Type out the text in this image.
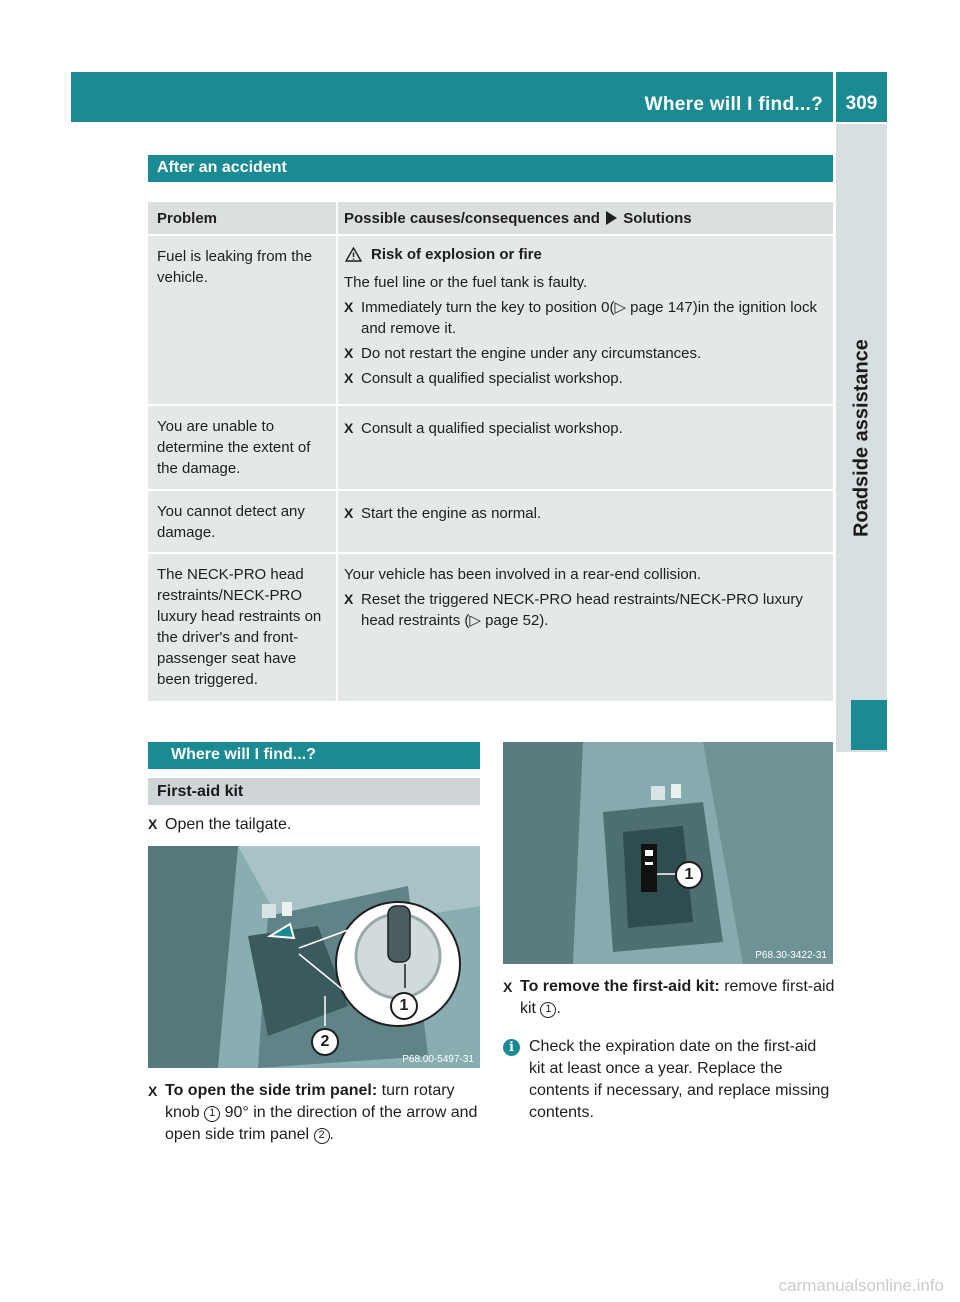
Where will I find...?	309
Roadside assistance
After an accident
Problem	Possible causes/consequences and Solutions
Fuel is leaking from the vehicle.
Risk of explosion or fire
The fuel line or the fuel tank is faulty.
X Immediately turn the key to position 0(▷ page 147)in the ignition lock and remove it.
X Do not restart the engine under any circumstances.
X Consult a qualified specialist workshop.
You are unable to determine the extent of the damage.
X Consult a qualified specialist workshop.
You cannot detect any damage.
X Start the engine as normal.
The NECK-PRO head restraints/NECK-PRO luxury head restraints on the driver's and front-passenger seat have been triggered.
Your vehicle has been involved in a rear-end collision.
X Reset the triggered NECK-PRO head restraints/NECK-PRO luxury head restraints (▷ page 52).
Where will I find...?
First-aid kit
X Open the tailgate.
1
2
P68.00-5497-31
X To open the side trim panel: turn rotary knob 1 90° in the direction of the arrow and open side trim panel 2 .
1
P68.30-3422-31
X To remove the first-aid kit: remove first-aid kit 1 .
i Check the expiration date on the first-aid kit at least once a year. Replace the contents if necessary, and replace missing contents.
carmanualsonline.info
